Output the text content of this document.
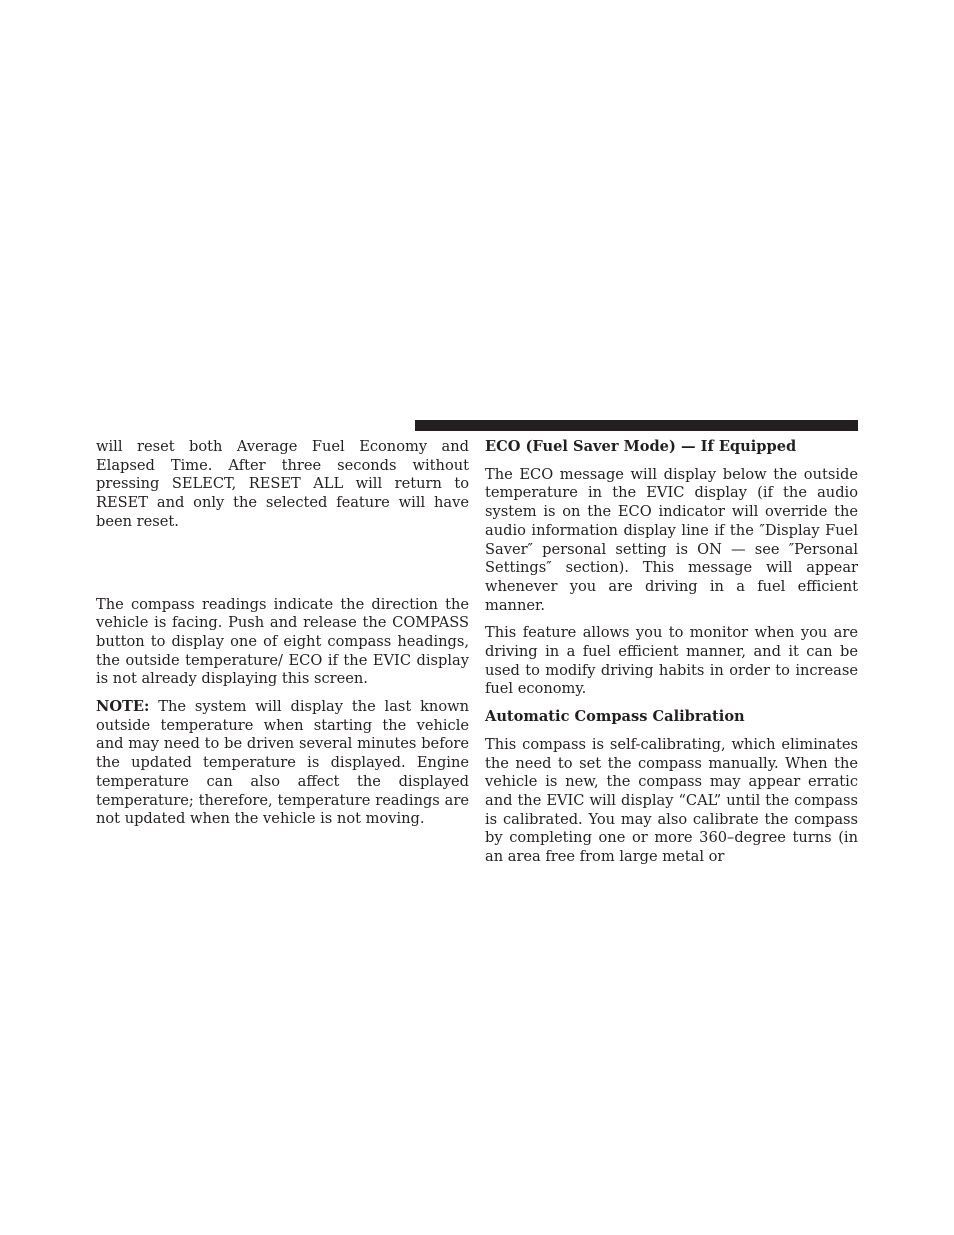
will reset both Average Fuel Economy and Elapsed Time. After three seconds without pressing SELECT, RESET ALL will return to RESET and only the selected feature will have been reset.

The compass readings indicate the direction the vehicle is facing. Push and release the COMPASS button to display one of eight compass headings, the outside temperature/ ECO if the EVIC display is not already displaying this screen.

NOTE: The system will display the last known outside temperature when starting the vehicle and may need to be driven several minutes before the updated temperature is displayed. Engine temperature can also affect the displayed temperature; therefore, temperature readings are not updated when the vehicle is not moving.

ECO (Fuel Saver Mode) — If Equipped

The ECO message will display below the outside temperature in the EVIC display (if the audio system is on the ECO indicator will override the audio information display line if the ″Display Fuel Saver″ personal setting is ON — see ″Personal Settings″ section). This message will appear whenever you are driving in a fuel efficient manner.

This feature allows you to monitor when you are driving in a fuel efficient manner, and it can be used to modify driving habits in order to increase fuel economy.

Automatic Compass Calibration

This compass is self-calibrating, which eliminates the need to set the compass manually. When the vehicle is new, the compass may appear erratic and the EVIC will display “CAL” until the compass is calibrated. You may also calibrate the compass by completing one or more 360–degree turns (in an area free from large metal or
